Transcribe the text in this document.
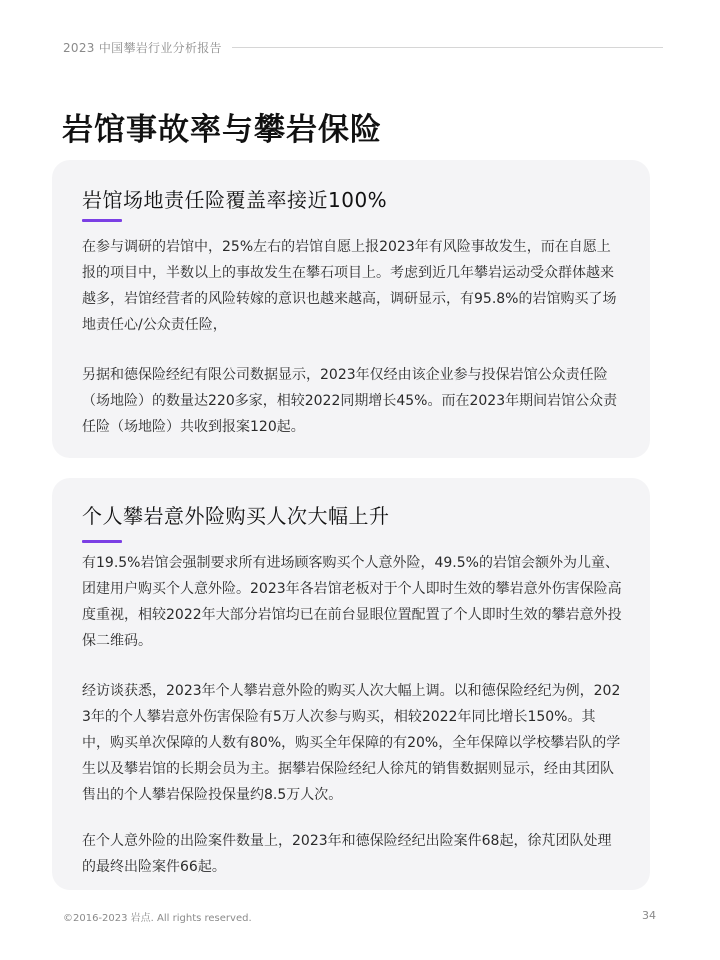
2023 中国攀岩行业分析报告
岩馆事故率与攀岩保险
岩馆场地责任险覆盖率接近100%

在参与调研的岩馆中，25%左右的岩馆自愿上报2023年有风险事故发生，而在自愿上报的项目中，半数以上的事故发生在攀石项目上。考虑到近几年攀岩运动受众群体越来越多，岩馆经营者的风险转嫁的意识也越来越高，调研显示，有95.8%的岩馆购买了场地责任心/公众责任险，

另据和德保险经纪有限公司数据显示，2023年仅经由该企业参与投保岩馆公众责任险（场地险）的数量达220多家，相较2022同期增长45%。而在2023年期间岩馆公众责任险（场地险）共收到报案120起。

个人攀岩意外险购买人次大幅上升

有19.5%岩馆会强制要求所有进场顾客购买个人意外险，49.5%的岩馆会额外为儿童、团建用户购买个人意外险。2023年各岩馆老板对于个人即时生效的攀岩意外伤害保险高度重视，相较2022年大部分岩馆均已在前台显眼位置配置了个人即时生效的攀岩意外投保二维码。

经访谈获悉，2023年个人攀岩意外险的购买人次大幅上调。以和德保险经纪为例，2023年的个人攀岩意外伤害保险有5万人次参与购买，相较2022年同比增长150%。其中，购买单次保障的人数有80%，购买全年保障的有20%，全年保障以学校攀岩队的学生以及攀岩馆的长期会员为主。据攀岩保险经纪人徐芃的销售数据则显示，经由其团队售出的个人攀岩保险投保量约8.5万人次。

在个人意外险的出险案件数量上，2023年和德保险经纪出险案件68起，徐芃团队处理的最终出险案件66起。

©2016-2023 岩点. All rights reserved.	34
